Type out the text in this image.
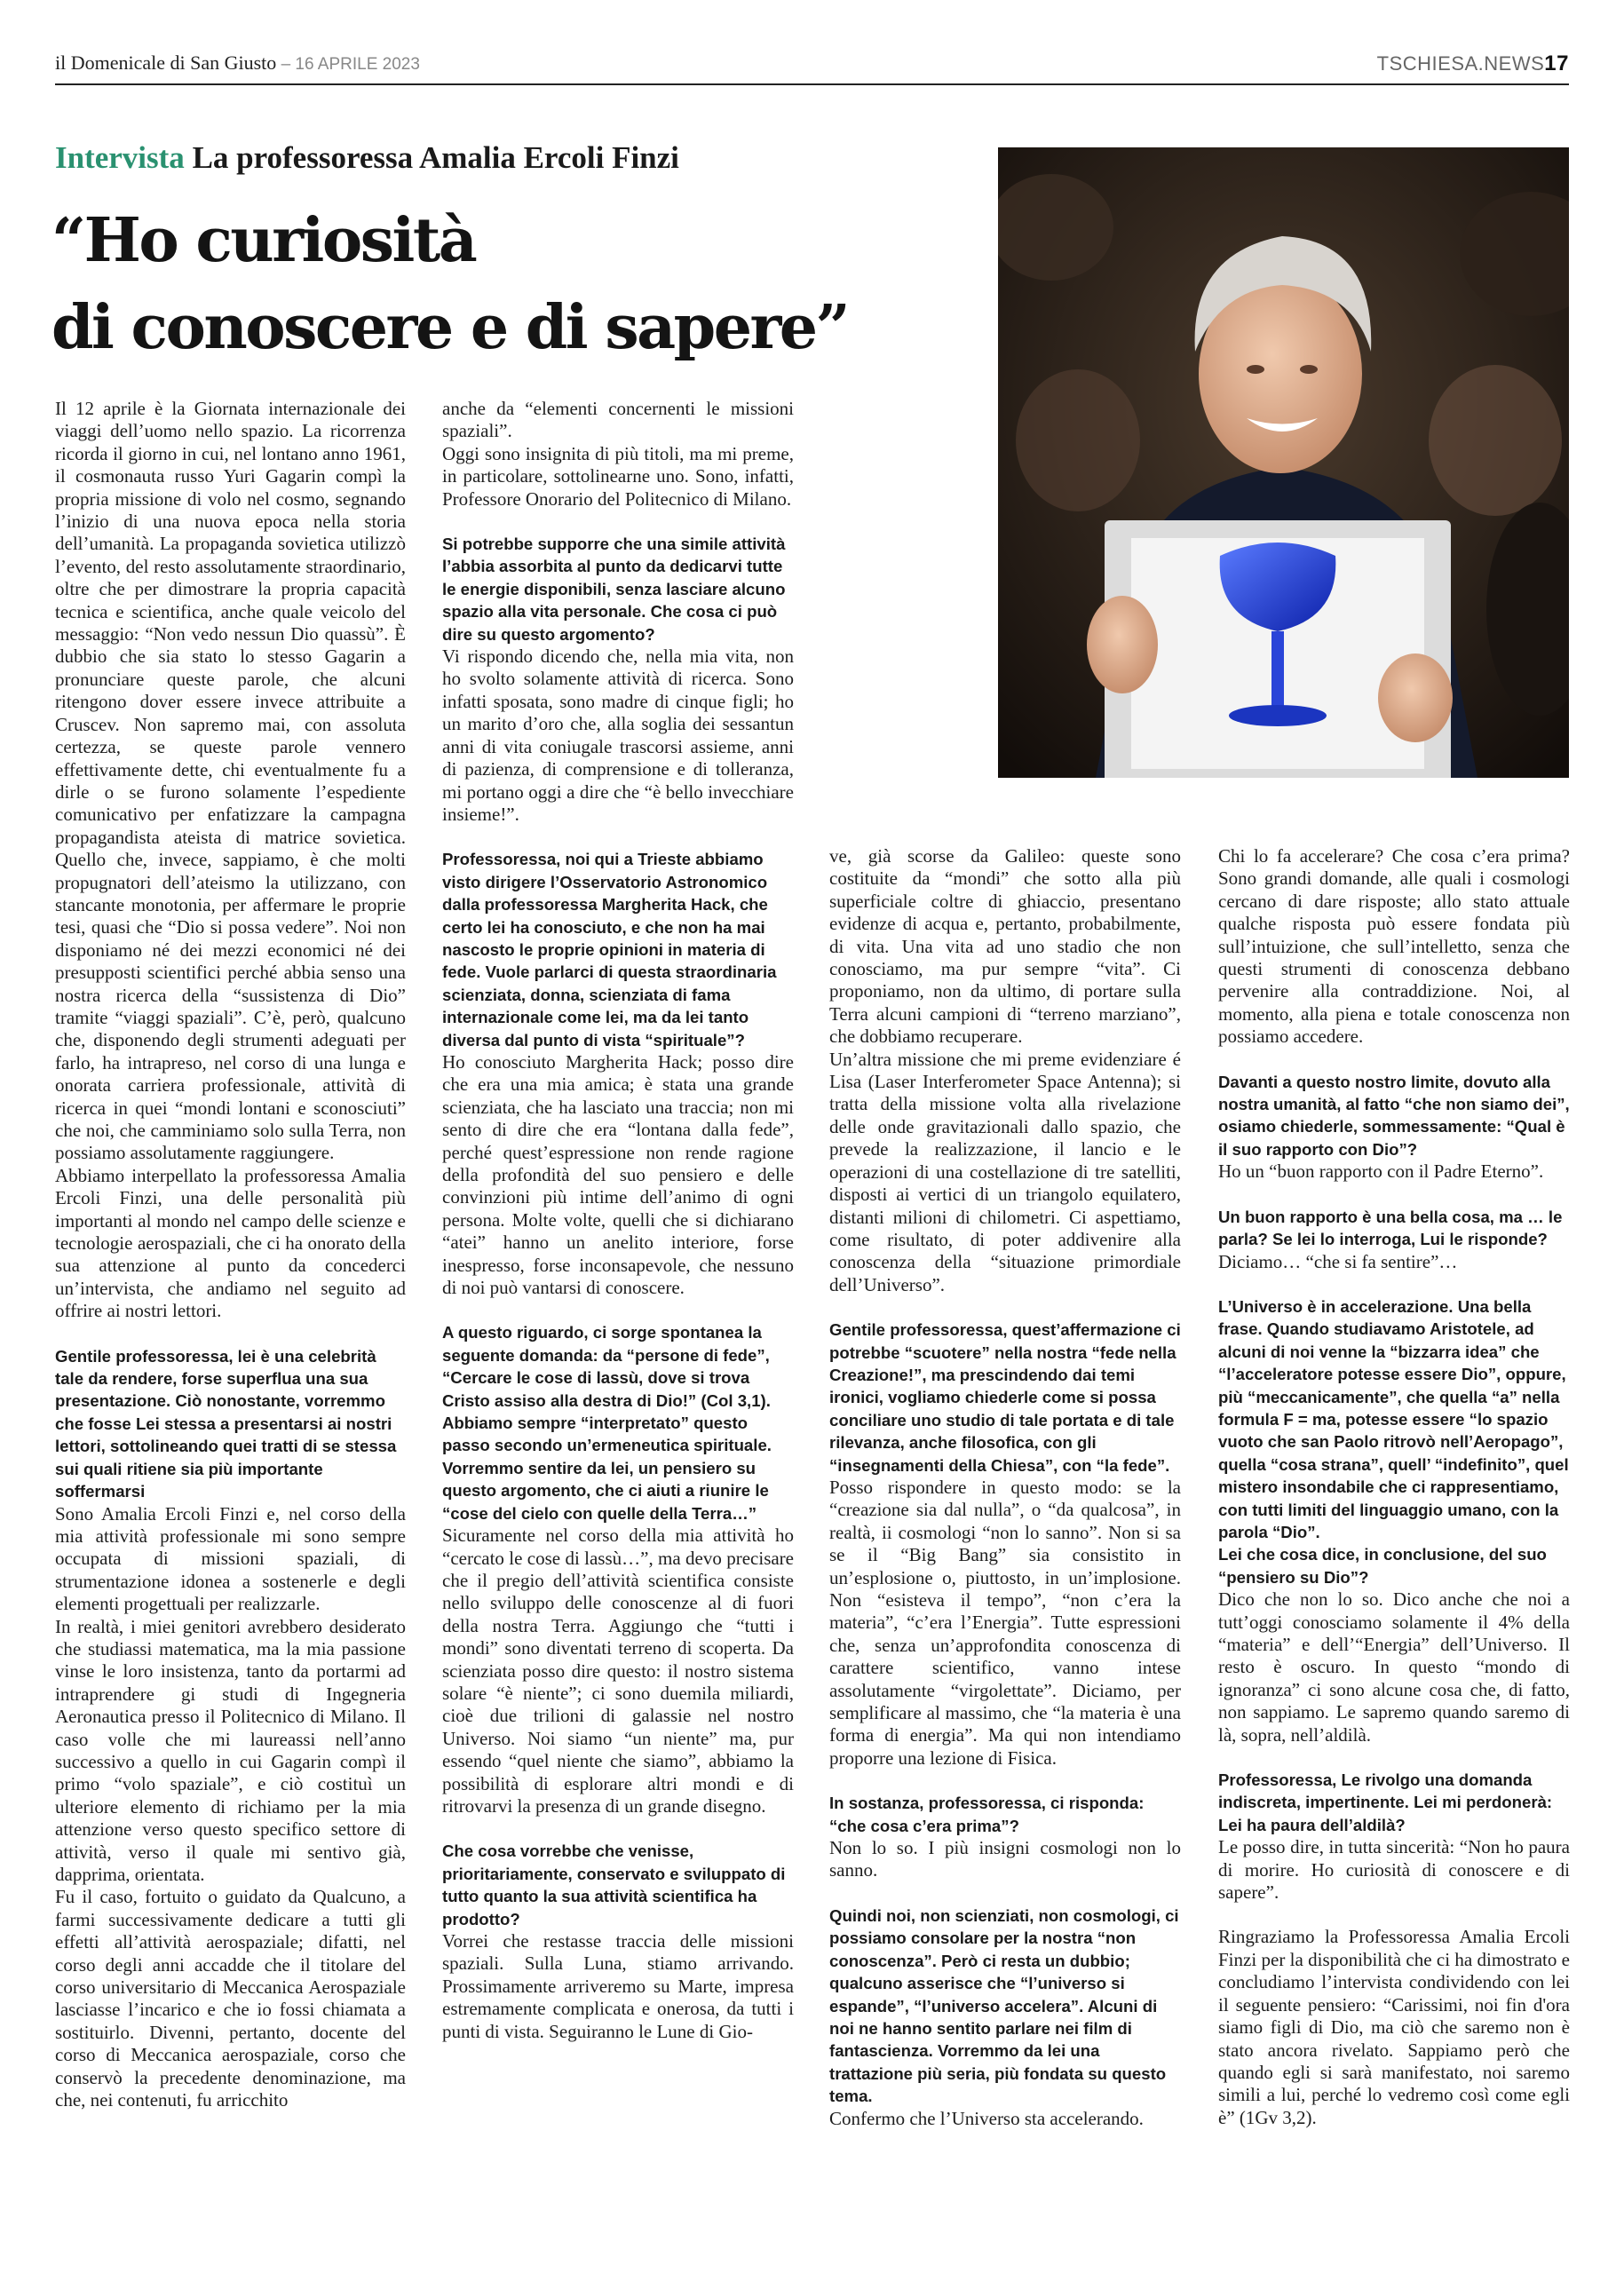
il Domenicale di San Giusto – 16 APRILE 2023	TSCHIESA.NEWS17
Intervista La professoressa Amalia Ercoli Finzi
“Ho curiosità
di conoscere e di sapere”

Il 12 aprile è la Giornata internazionale dei viaggi dell’uomo nello spazio. La ricorrenza ricorda il giorno in cui, nel lontano anno 1961, il cosmonauta russo Yuri Gagarin compì la propria missione di volo nel cosmo, segnando l’inizio di una nuova epoca nella storia dell’umanità. La propaganda sovietica utilizzò l’evento, del resto assolutamente straordinario, oltre che per dimostrare la propria capacità tecnica e scientifica, anche quale veicolo del messaggio: “Non vedo nessun Dio quassù”. È dubbio che sia stato lo stesso Gagarin a pronunciare queste parole, che alcuni ritengono dover essere invece attribuite a Cruscev. Non sapremo mai, con assoluta certezza, se queste parole vennero effettivamente dette, chi eventualmente fu a dirle o se furono solamente l’espediente comunicativo per enfatizzare la campagna propagandista ateista di matrice sovietica. Quello che, invece, sappiamo, è che molti propugnatori dell’ateismo la utilizzano, con stancante monotonia, per affermare le proprie tesi, quasi che “Dio si possa vedere”. Noi non disponiamo né dei mezzi economici né dei presupposti scientifici perché abbia senso una nostra ricerca della “sussistenza di Dio” tramite “viaggi spaziali”. C’è, però, qualcuno che, disponendo degli strumenti adeguati per farlo, ha intrapreso, nel corso di una lunga e onorata carriera professionale, attività di ricerca in quei “mondi lontani e sconosciuti” che noi, che camminiamo solo sulla Terra, non possiamo assolutamente raggiungere.

Abbiamo interpellato la professoressa Amalia Ercoli Finzi, una delle personalità più importanti al mondo nel campo delle scienze e tecnologie aerospaziali, che ci ha onorato della sua attenzione al punto da concederci un’intervista, che andiamo nel seguito ad offrire ai nostri lettori.

Gentile professoressa, lei è una celebrità tale da rendere, forse superflua una sua presentazione. Ciò nonostante, vorremmo che fosse Lei stessa a presentarsi ai nostri lettori, sottolineando quei tratti di se stessa sui quali ritiene sia più importante soffermarsi

Sono Amalia Ercoli Finzi e, nel corso della mia attività professionale mi sono sempre occupata di missioni spaziali, di strumentazione idonea a sostenerle e degli elementi progettuali per realizzarle.

In realtà, i miei genitori avrebbero desiderato che studiassi matematica, ma la mia passione vinse le loro insistenza, tanto da portarmi ad intraprendere gi studi di Ingegneria Aeronautica presso il Politecnico di Milano. Il caso volle che mi laureassi nell’anno successivo a quello in cui Gagarin compì il primo “volo spaziale”, e ciò costituì un ulteriore elemento di richiamo per la mia attenzione verso questo specifico settore di attività, verso il quale mi sentivo già, dapprima, orientata.

Fu il caso, fortuito o guidato da Qualcuno, a farmi successivamente dedicare a tutti gli effetti all’attività aerospaziale; difatti, nel corso degli anni accadde che il titolare del corso universitario di Meccanica Aerospaziale lasciasse l’incarico e che io fossi chiamata a sostituirlo. Divenni, pertanto, docente del corso di Meccanica aerospaziale, corso che conservò la precedente denominazione, ma che, nei contenuti, fu arricchito

anche da “elementi concernenti le missioni spaziali”.

Oggi sono insignita di più titoli, ma mi preme, in particolare, sottolinearne uno. Sono, infatti, Professore Onorario del Politecnico di Milano.

Si potrebbe supporre che una simile attività l’abbia assorbita al punto da dedicarvi tutte le energie disponibili, senza lasciare alcuno spazio alla vita personale. Che cosa ci può dire su questo argomento?

Vi rispondo dicendo che, nella mia vita, non ho svolto solamente attività di ricerca. Sono infatti sposata, sono madre di cinque figli; ho un marito d’oro che, alla soglia dei sessantun anni di vita coniugale trascorsi assieme, anni di pazienza, di comprensione e di tolleranza, mi portano oggi a dire che “è bello invecchiare insieme!”.

Professoressa, noi qui a Trieste abbiamo visto dirigere l’Osservatorio Astronomico dalla professoressa Margherita Hack, che certo lei ha conosciuto, e che non ha mai nascosto le proprie opinioni in materia di fede. Vuole parlarci di questa straordinaria scienziata, donna, scienziata di fama internazionale come lei, ma da lei tanto diversa dal punto di vista “spirituale”?

Ho conosciuto Margherita Hack; posso dire che era una mia amica; è stata una grande scienziata, che ha lasciato una traccia; non mi sento di dire che era “lontana dalla fede”, perché quest’espressione non rende ragione della profondità del suo pensiero e delle convinzioni più intime dell’animo di ogni persona. Molte volte, quelli che si dichiarano “atei” hanno un anelito interiore, forse inespresso, forse inconsapevole, che nessuno di noi può vantarsi di conoscere.

A questo riguardo, ci sorge spontanea la seguente domanda: da “persone di fede”, “Cercare le cose di lassù, dove si trova Cristo assiso alla destra di Dio!” (Col 3,1). Abbiamo sempre “interpretato” questo passo secondo un’ermeneutica spirituale. Vorremmo sentire da lei, un pensiero su questo argomento, che ci aiuti a riunire le “cose del cielo con quelle della Terra…”

Sicuramente nel corso della mia attività ho “cercato le cose di lassù…”, ma devo precisare che il pregio dell’attività scientifica consiste nello sviluppo delle conoscenze al di fuori della nostra Terra. Aggiungo che “tutti i mondi” sono diventati terreno di scoperta. Da scienziata posso dire questo: il nostro sistema solare “è niente”; ci sono duemila miliardi, cioè due trilioni di galassie nel nostro Universo. Noi siamo “un niente” ma, pur essendo “quel niente che siamo”, abbiamo la possibilità di esplorare altri mondi e di ritrovarvi la presenza di un grande disegno.

Che cosa vorrebbe che venisse, prioritariamente, conservato e sviluppato di tutto quanto la sua attività scientifica ha prodotto?

Vorrei che restasse traccia delle missioni spaziali. Sulla Luna, stiamo arrivando. Prossimamente arriveremo su Marte, impresa estremamente complicata e onerosa, da tutti i punti di vista. Seguiranno le Lune di Gio-

ve, già scorse da Galileo: queste sono costituite da “mondi” che sotto alla più superficiale coltre di ghiaccio, presentano evidenze di acqua e, pertanto, probabilmente, di vita. Una vita ad uno stadio che non conosciamo, ma pur sempre “vita”. Ci proponiamo, non da ultimo, di portare sulla Terra alcuni campioni di “terreno marziano”, che dobbiamo recuperare.

Un’altra missione che mi preme evidenziare é Lisa (Laser Interferometer Space Antenna); si tratta della missione volta alla rivelazione delle onde gravitazionali dallo spazio, che prevede la realizzazione, il lancio e le operazioni di una costellazione di tre satelliti, disposti ai vertici di un triangolo equilatero, distanti milioni di chilometri. Ci aspettiamo, come risultato, di poter addivenire alla conoscenza della “situazione primordiale dell’Universo”.

Gentile professoressa, quest’affermazione ci potrebbe “scuotere” nella nostra “fede nella Creazione!”, ma prescindendo dai temi ironici, vogliamo chiederle come si possa conciliare uno studio di tale portata e di tale rilevanza, anche filosofica, con gli “insegnamenti della Chiesa”, con “la fede”.

Posso rispondere in questo modo: se la “creazione sia dal nulla”, o “da qualcosa”, in realtà, ii cosmologi “non lo sanno”. Non si sa se il “Big Bang” sia consistito in un’esplosione o, piuttosto, in un’implosione. Non “esisteva il tempo”, “non c’era la materia”, “c’era l’Energia”. Tutte espressioni che, senza un’approfondita conoscenza di carattere scientifico, vanno intese assolutamente “virgolettate”. Diciamo, per semplificare al massimo, che “la materia è una forma di energia”. Ma qui non intendiamo proporre una lezione di Fisica.

In sostanza, professoressa, ci risponda: “che cosa c’era prima”?

Non lo so. I più insigni cosmologi non lo sanno.

Quindi noi, non scienziati, non cosmologi, ci possiamo consolare per la nostra “non conoscenza”. Però ci resta un dubbio; qualcuno asserisce che “l’universo si espande”, “l’universo accelera”. Alcuni di noi ne hanno sentito parlare nei film di fantascienza. Vorremmo da lei una trattazione più seria, più fondata su questo tema.

Confermo che l’Universo sta accelerando.

Chi lo fa accelerare? Che cosa c’era prima? Sono grandi domande, alle quali i cosmologi cercano di dare risposte; allo stato attuale qualche risposta può essere fondata più sull’intuizione, che sull’intelletto, senza che questi strumenti di conoscenza debbano pervenire alla contraddizione. Noi, al momento, alla piena e totale conoscenza non possiamo accedere.

Davanti a questo nostro limite, dovuto alla nostra umanità, al fatto “che non siamo dei”, osiamo chiederle, sommessamente: “Qual è il suo rapporto con Dio”?

Ho un “buon rapporto con il Padre Eterno”.

Un buon rapporto è una bella cosa, ma … le parla? Se lei lo interroga, Lui le risponde?

Diciamo… “che si fa sentire”…

L’Universo è in accelerazione. Una bella frase. Quando studiavamo Aristotele, ad alcuni di noi venne la “bizzarra idea” che “l’acceleratore potesse essere Dio”, oppure, più “meccanicamente”, che quella “a” nella formula F = ma, potesse essere “lo spazio vuoto che san Paolo ritrovò nell’Aeropago”, quella “cosa strana”, quell’ “indefinito”, quel mistero insondabile che ci rappresentiamo, con tutti limiti del linguaggio umano, con la parola “Dio”.

Lei che cosa dice, in conclusione, del suo “pensiero su Dio”?

Dico che non lo so. Dico anche che noi a tutt’oggi conosciamo solamente il 4% della “materia” e dell’“Energia” dell’Universo. Il resto è oscuro. In questo “mondo di ignoranza” ci sono alcune cosa che, di fatto, non sappiamo. Le sapremo quando saremo di là, sopra, nell’aldilà.

Professoressa, Le rivolgo una domanda indiscreta, impertinente. Lei mi perdonerà: Lei ha paura dell’aldilà?

Le posso dire, in tutta sincerità: “Non ho paura di morire. Ho curiosità di conoscere e di sapere”.

Ringraziamo la Professoressa Amalia Ercoli Finzi per la disponibilità che ci ha dimostrato e concludiamo l’intervista condividendo con lei il seguente pensiero: “Carissimi, noi fin d'ora siamo figli di Dio, ma ciò che saremo non è stato ancora rivelato. Sappiamo però che quando egli si sarà manifestato, noi saremo simili a lui, perché lo vedremo così come egli è” (1Gv 3,2).
